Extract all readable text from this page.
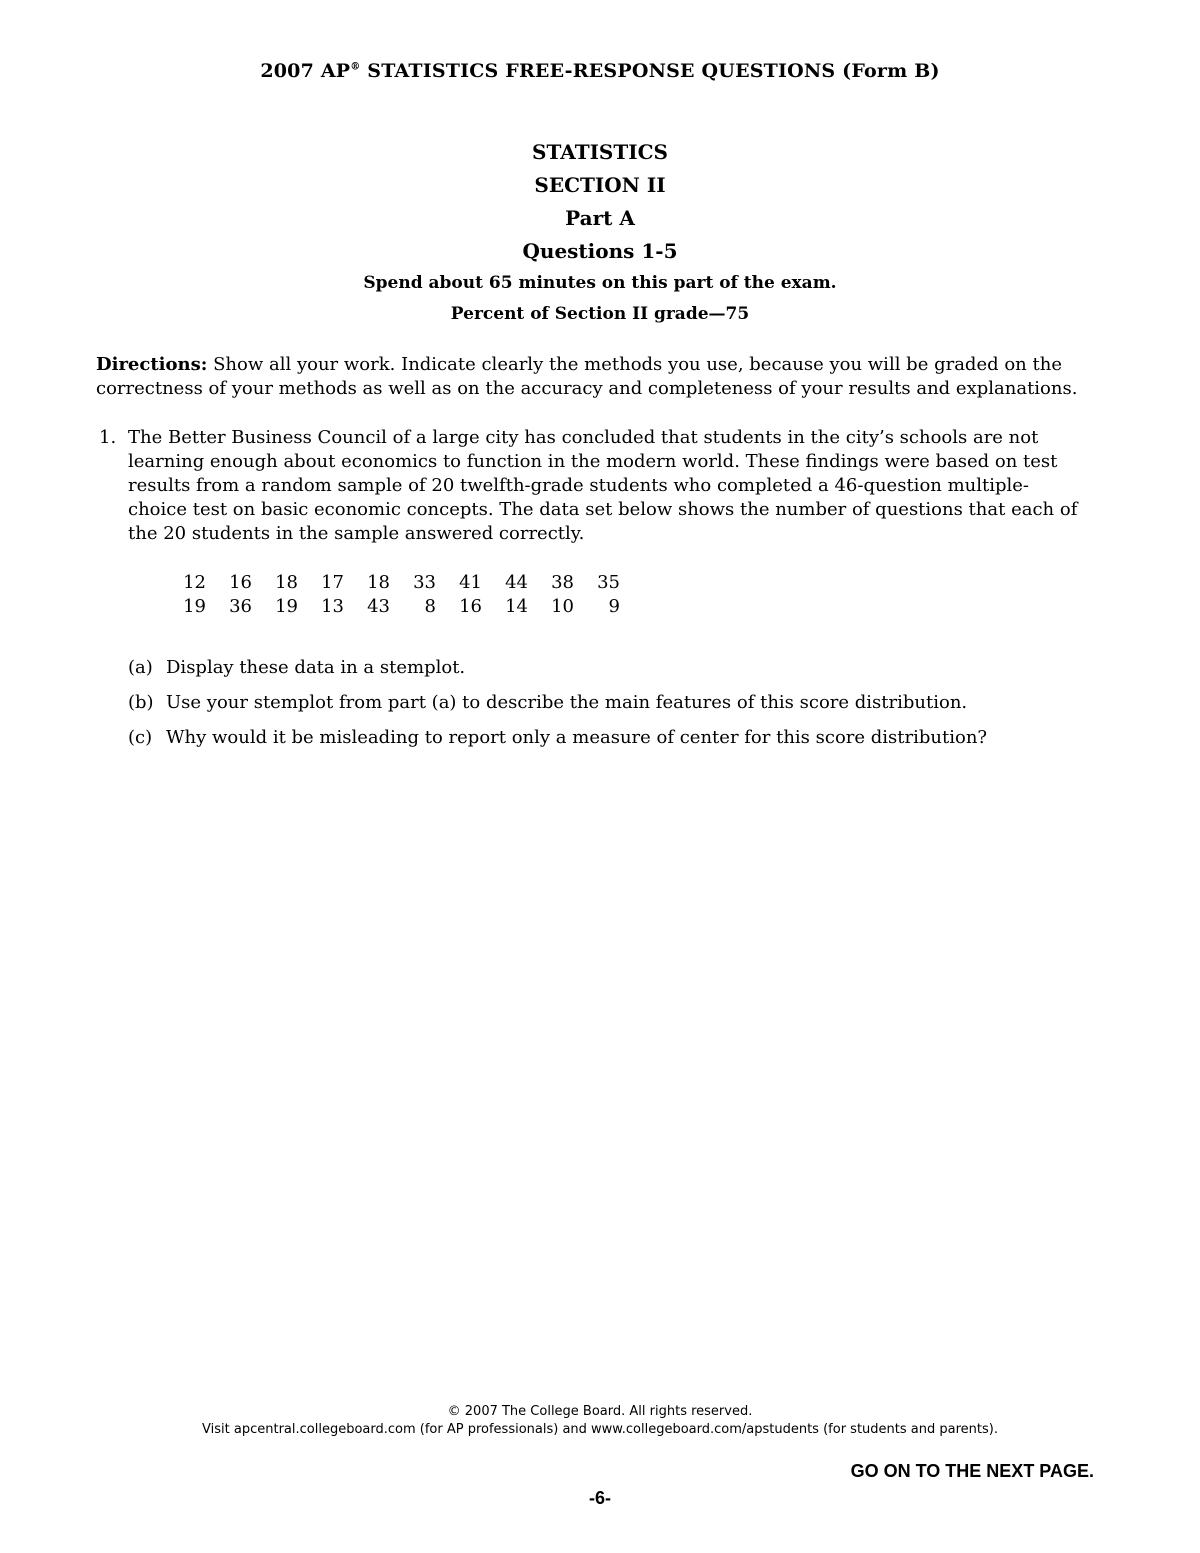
2007 AP® STATISTICS FREE-RESPONSE QUESTIONS (Form B)
STATISTICS
SECTION II
Part A
Questions 1-5
Spend about 65 minutes on this part of the exam.
Percent of Section II grade—75
Directions: Show all your work. Indicate clearly the methods you use, because you will be graded on the correctness of your methods as well as on the accuracy and completeness of your results and explanations.
1. The Better Business Council of a large city has concluded that students in the city’s schools are not learning enough about economics to function in the modern world. These findings were based on test results from a random sample of 20 twelfth-grade students who completed a 46-question multiple-choice test on basic economic concepts. The data set below shows the number of questions that each of the 20 students in the sample answered correctly.
12	16	18	17	18	33	41	44	38	35
19	36	19	13	43	8	16	14	10	9
(a) Display these data in a stemplot.
(b) Use your stemplot from part (a) to describe the main features of this score distribution.
(c) Why would it be misleading to report only a measure of center for this score distribution?
© 2007 The College Board. All rights reserved.
Visit apcentral.collegeboard.com (for AP professionals) and www.collegeboard.com/apstudents (for students and parents).
GO ON TO THE NEXT PAGE.
-6-
